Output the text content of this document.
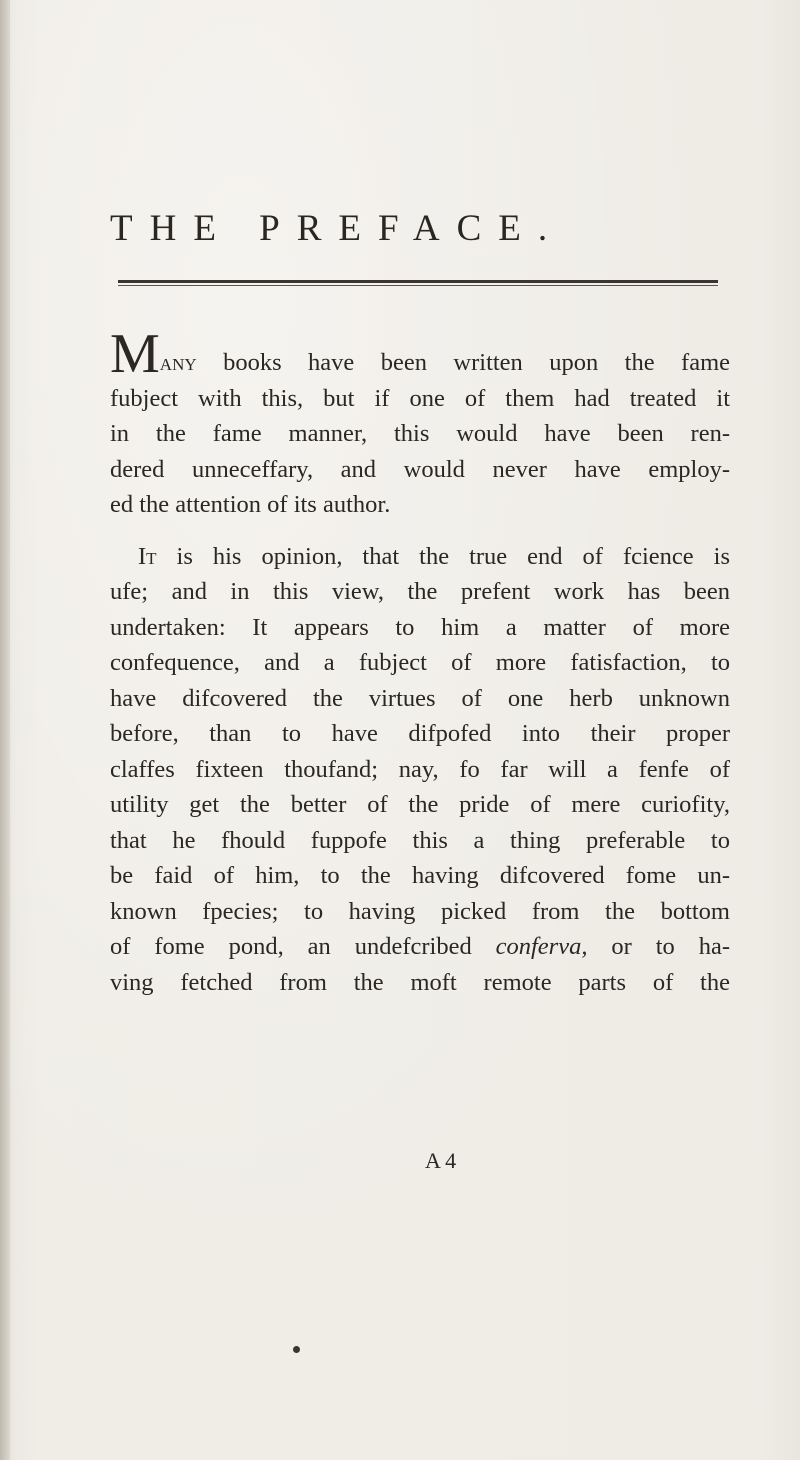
THE PREFACE.

Many books have been written upon the fame
fubject with this, but if one of them had treated it
in the fame manner, this would have been ren-
dered unneceffary, and would never have employ-
ed the attention of its author.

It is his opinion, that the true end of fcience is
ufe; and in this view, the prefent work has been
undertaken: It appears to him a matter of more
confequence, and a fubject of more fatisfaction, to
have difcovered the virtues of one herb unknown
before, than to have difpofed into their proper
claffes fixteen thoufand; nay, fo far will a fenfe of
utility get the better of the pride of mere curiofity,
that he fhould fuppofe this a thing preferable to
be faid of him, to the having difcovered fome un-
known fpecies; to having picked from the bottom
of fome pond, an undefcribed conferva, or to ha-
ving fetched from the moft remote parts of the

A 4
